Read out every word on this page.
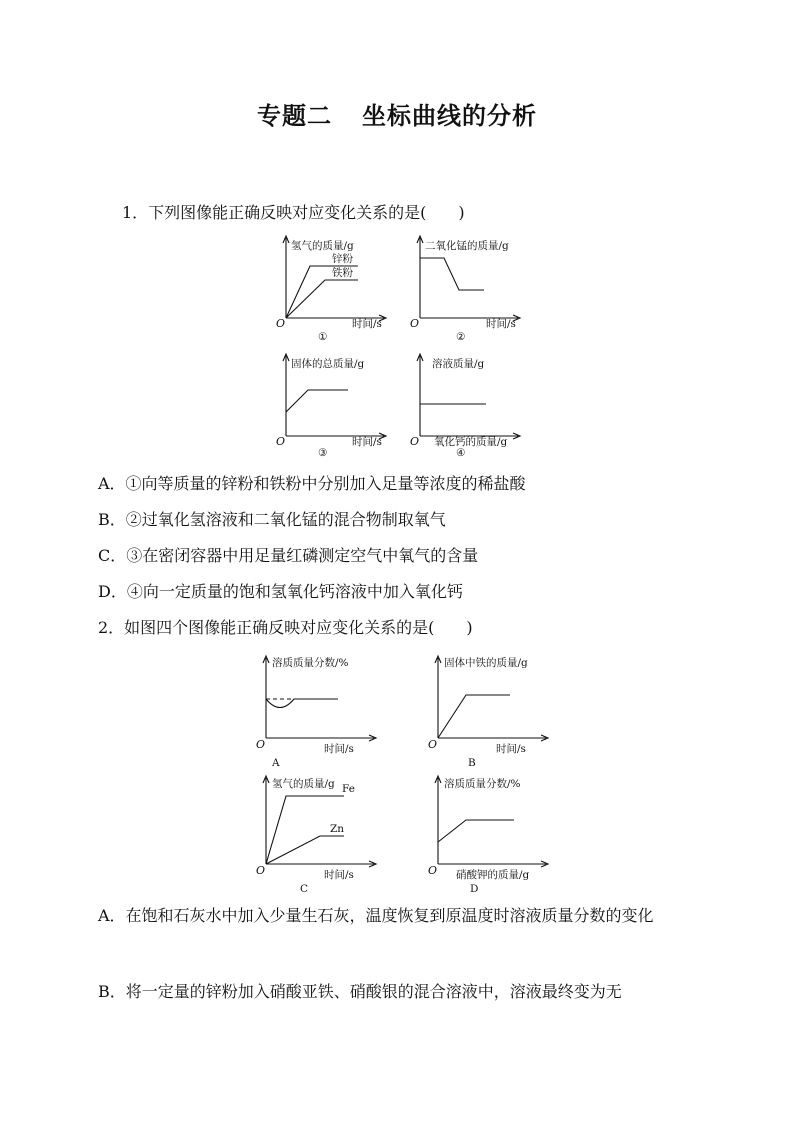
专题二 坐标曲线的分析
1．下列图像能正确反映对应变化关系的是(　　)
氢气的质量/g
锌粉
铁粉
O	时间/s
①
二氧化锰的质量/g
O	时间/s
②
固体的总质量/g
O	时间/s
③
溶液质量/g
O 氧化钙的质量/g
④
A．①向等质量的锌粉和铁粉中分别加入足量等浓度的稀盐酸
B．②过氧化氢溶液和二氧化锰的混合物制取氧气
C．③在密闭容器中用足量红磷测定空气中氧气的含量
D．④向一定质量的饱和氢氧化钙溶液中加入氧化钙
2．如图四个图像能正确反映对应变化关系的是(　　)
溶质质量分数/%
O	时间/s
A
固体中铁的质量/g
O	时间/s
B
氢气的质量/g Fe
Zn
O	时间/s
C
溶质质量分数/%
O 硝酸钾的质量/g
D
A．在饱和石灰水中加入少量生石灰，温度恢复到原温度时溶液质量分数的变化
B．将一定量的锌粉加入硝酸亚铁、硝酸银的混合溶液中，溶液最终变为无
